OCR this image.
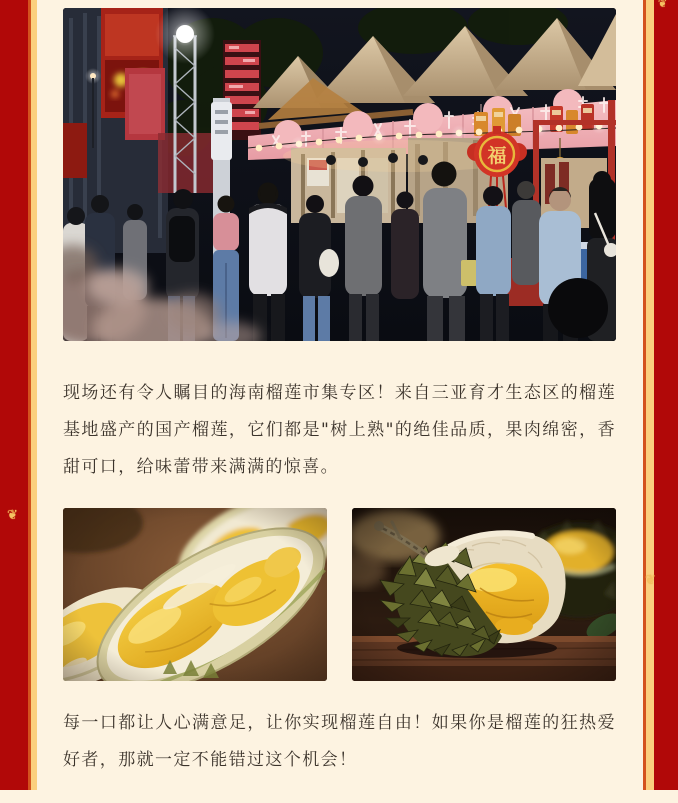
❦
❦
❦
福

现场还有令人瞩目的海南榴莲市集专区！来自三亚育才生态区的榴莲基地盛产的国产榴莲，它们都是"树上熟"的绝佳品质，果肉绵密，香甜可口，给味蕾带来满满的惊喜。

每一口都让人心满意足，让你实现榴莲自由！如果你是榴莲的狂热爱好者，那就一定不能错过这个机会！
